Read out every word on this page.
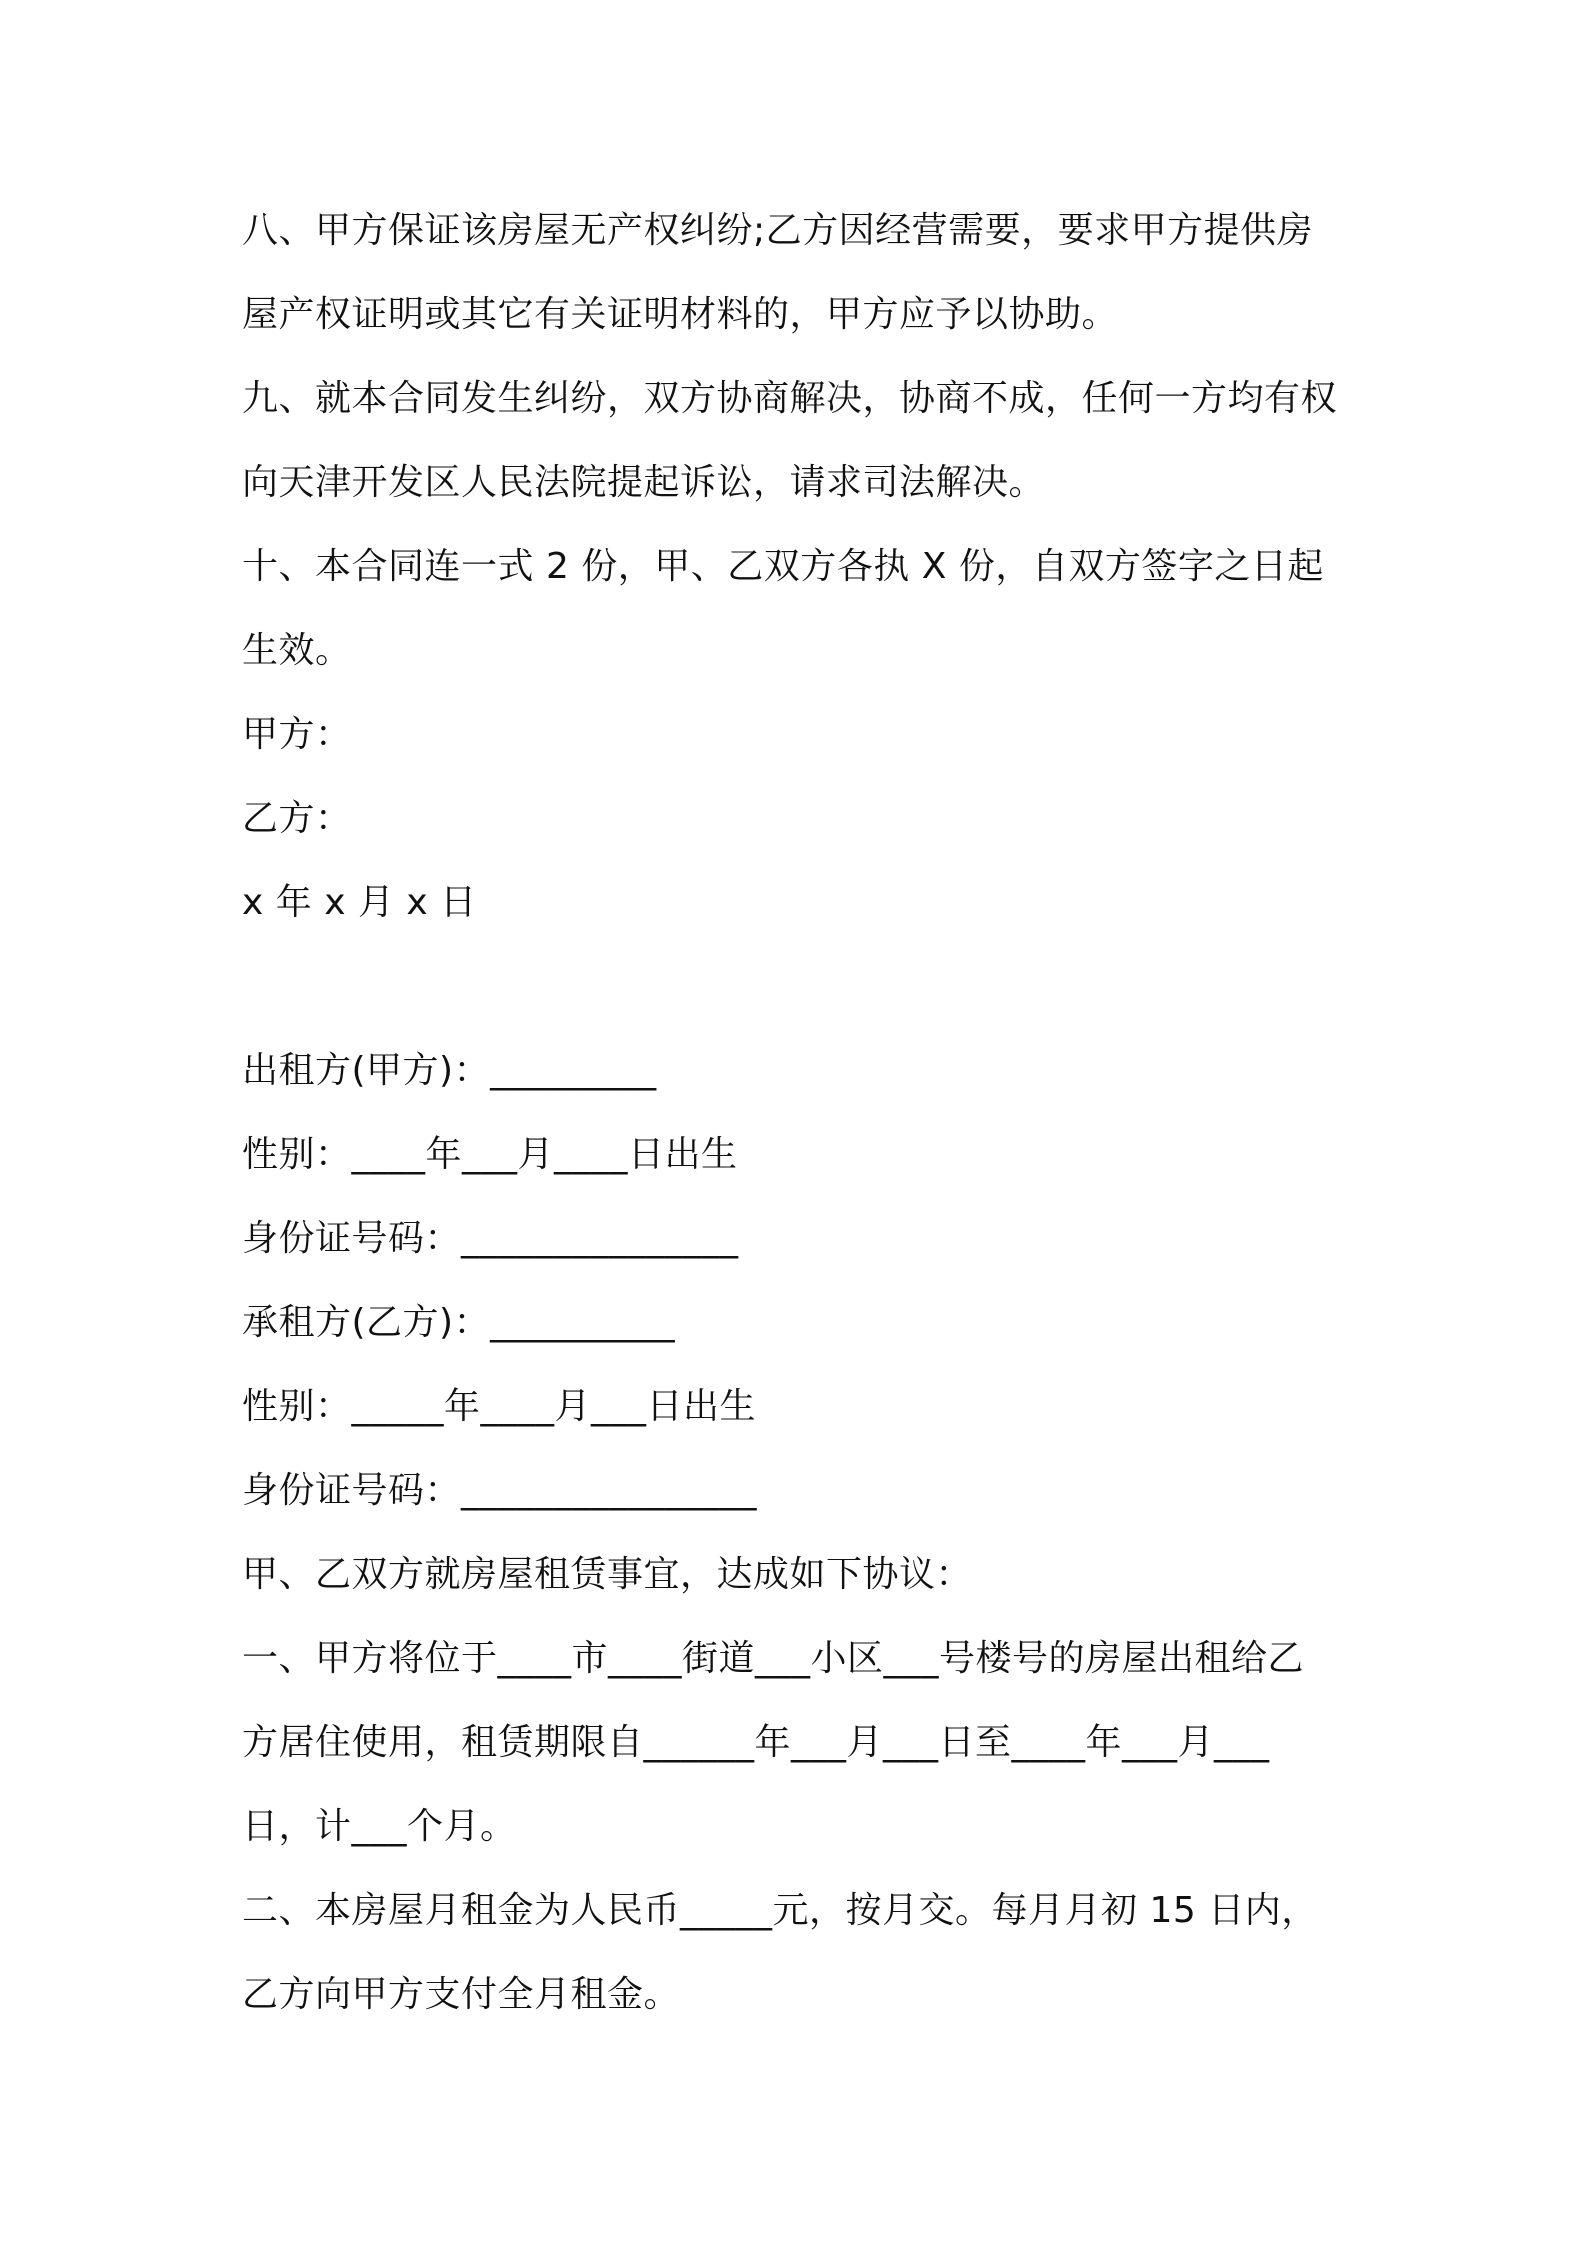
八、甲方保证该房屋无产权纠纷;乙方因经营需要，要求甲方提供房
屋产权证明或其它有关证明材料的，甲方应予以协助。
九、就本合同发生纠纷，双方协商解决，协商不成，任何一方均有权
向天津开发区人民法院提起诉讼，请求司法解决。
十、本合同连一式 2 份，甲、乙双方各执 X 份，自双方签字之日起
生效。
甲方：
乙方：
x 年 x 月 x 日
出租方(甲方)：_________
性别：____年___月____日出生
身份证号码：_______________
承租方(乙方)：__________
性别：_____年____月___日出生
身份证号码：________________
甲、乙双方就房屋租赁事宜，达成如下协议：
一、甲方将位于____市____街道___小区___号楼号的房屋出租给乙
方居住使用，租赁期限自______年___月___日至____年___月___
日，计___个月。
二、本房屋月租金为人民币_____元，按月交。每月月初 15 日内，
乙方向甲方支付全月租金。
